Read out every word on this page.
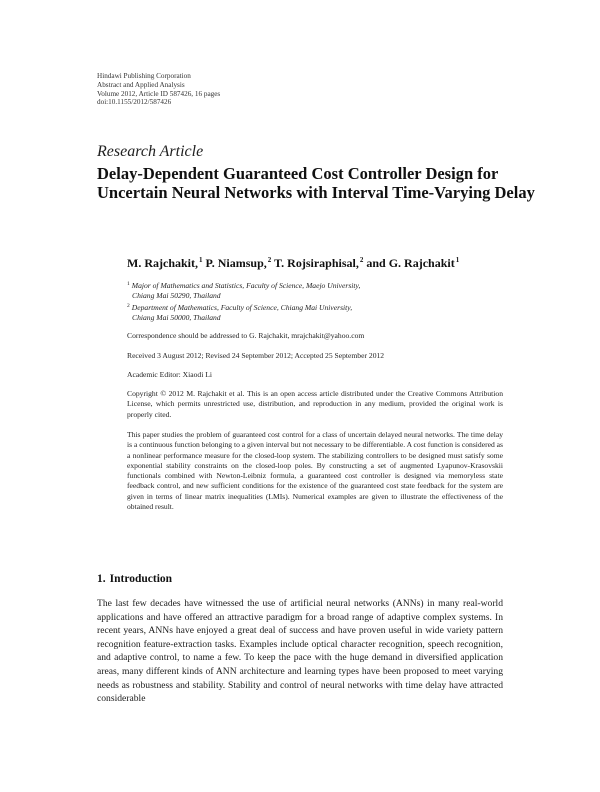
Hindawi Publishing Corporation
Abstract and Applied Analysis
Volume 2012, Article ID 587426, 16 pages
doi:10.1155/2012/587426
Research Article
Delay-Dependent Guaranteed Cost Controller Design for Uncertain Neural Networks with Interval Time-Varying Delay
M. Rajchakit,$^1$ P. Niamsup,$^2$ T. Rojsiraphisal,$^2$ and G. Rajchakit$^1$
$^1$ Major of Mathematics and Statistics, Faculty of Science, Maejo University,
Chiang Mai 50290, Thailand
$^2$ Department of Mathematics, Faculty of Science, Chiang Mai University,
Chiang Mai 50000, Thailand
Correspondence should be addressed to G. Rajchakit, mrajchakit@yahoo.com
Received 3 August 2012; Revised 24 September 2012; Accepted 25 September 2012
Academic Editor: Xiaodi Li

Copyright © 2012 M. Rajchakit et al. This is an open access article distributed under the Creative Commons Attribution License, which permits unrestricted use, distribution, and reproduction in any medium, provided the original work is properly cited.

This paper studies the problem of guaranteed cost control for a class of uncertain delayed neural networks. The time delay is a continuous function belonging to a given interval but not necessary to be differentiable. A cost function is considered as a nonlinear performance measure for the closed-loop system. The stabilizing controllers to be designed must satisfy some exponential stability constraints on the closed-loop poles. By constructing a set of augmented Lyapunov-Krasovskii functionals combined with Newton-Leibniz formula, a guaranteed cost controller is designed via memoryless state feedback control, and new sufficient conditions for the existence of the guaranteed cost state feedback for the system are given in terms of linear matrix inequalities (LMIs). Numerical examples are given to illustrate the effectiveness of the obtained result.

1. Introduction

The last few decades have witnessed the use of artificial neural networks (ANNs) in many real-world applications and have offered an attractive paradigm for a broad range of adaptive complex systems. In recent years, ANNs have enjoyed a great deal of success and have proven useful in wide variety pattern recognition feature-extraction tasks. Examples include optical character recognition, speech recognition, and adaptive control, to name a few. To keep the pace with the huge demand in diversified application areas, many different kinds of ANN architecture and learning types have been proposed to meet varying needs as robustness and stability. Stability and control of neural networks with time delay have attracted considerable
